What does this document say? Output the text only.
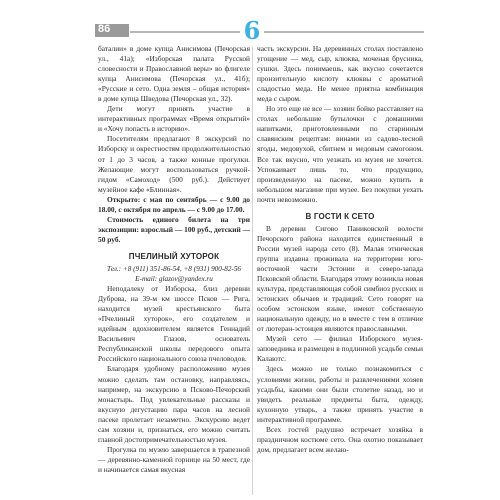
86	6

баталии» в доме купца Анисимова (Печорская ул., 41а); «Изборская палата Русской словесности и Православной веры» во флигеле купца Анисимова (Печорская ул., 41б); «Русские и сето. Одна земля – общая история» в доме купца Шведова (Печорская ул., 32).

Дети могут принять участие в интерактивных программах «Время открытий» и «Хочу попасть в историю».

Посетителям предлагают 8 экскурсий по Изборску и окрестностям продолжительностью от 1 до 3 часов, а также конные прогулки. Желающие могут воспользоваться ручкой-гидом «Самоход» (500 руб.). Действует музейное кафе «Блинная».

Открыто: с мая по сентябрь — с 9.00 до 18.00, с октября по апрель — с 9.00 до 17.00.

Стоимость единого билета на три экспозиции: взрослый — 100 руб., детский — 50 руб.

ПЧЕЛИНЫЙ ХУТОРОК
Тел.: +8 (911) 351-86-54, +8 (931) 900-82-56
E-mail: glazov@yandex.ru

Неподалеку от Изборска, близ деревни Дуброва, на 39-м км шоссе Псков — Рига, находится музей крестьянского быта «Пчелиный хуторок», его создателем и идейным вдохновителем является Геннадий Васильевич Глазов, основатель Республиканской школы передового опыта Российского национального союза пчеловодов.

Благодаря удобному расположению музея можно сделать там остановку, направляясь, например, на экскурсию в Псково-Печорский монастырь. Под увлекательные рассказы и вкусную дегустацию пара часов на лесной пасеке пролетает незаметно. Экскурсию ведет сам хозяин и, признаться, его можно считать главной достопримечательностью музея.

Прогулка по музею завершается в трапезной — деревянно-каменной горнице на 50 мест, где и начинается самая вкусная

часть экскурсии. На деревянных столах поставлено угощение — мед, сыр, клюква, моченая брусника, сушки. Здесь понимаешь, как вкусно сочетается пронзительную кислоту клюквы с ароматной сладостью меда. Не менее приятна комбинация меда с сыром.

Но это еще не все — хозяин бойко расставляет на столах небольшие бутылочки с домашними напитками, приготовленными по старинным славянским рецептам: винами из садово-лесной ягоды, медовухой, сбитнем и медовым самогоном. Все так вкусно, что уезжать из музея не хочется. Успокаивает лишь то, что продукцию, произведенную на пасеке, можно купить в небольшом магазине при музее. Без покупки уехать почти невозможно.

В ГОСТИ К СЕТО

В деревни Сигово Паниковской волости Печорского района находится единственный в России музей народа сето (8). Малая этническая группа издавна проживала на территории юго-восточной части Эстонии и северо-запада Псковской области. Благодаря этому возникла новая культура, представляющая собой симбиоз русских и эстонских обычаев и традиций. Сето говорят на особом эстонском языке, имеют собственную национальную одежду, но в вместе с тем в отличие от лютеран-эстонцев являются православными.

Музей сето — филиал Изборского музея-заповедника и размещен в подлинной усадьбе семьи Калаютс.

Здесь можно не только познакомиться с условиями жизни, работы и развлечениями хозяев усадьбы, какими они были столетие назад, но и увидеть реальные предметы быта, одежду, кухонную утварь, а также принять участие в интерактивной программе.

Всех гостей радушно встречает хозяйка в праздничном костюме сето. Она охотно показывает дом, предлагает всем желаю-
